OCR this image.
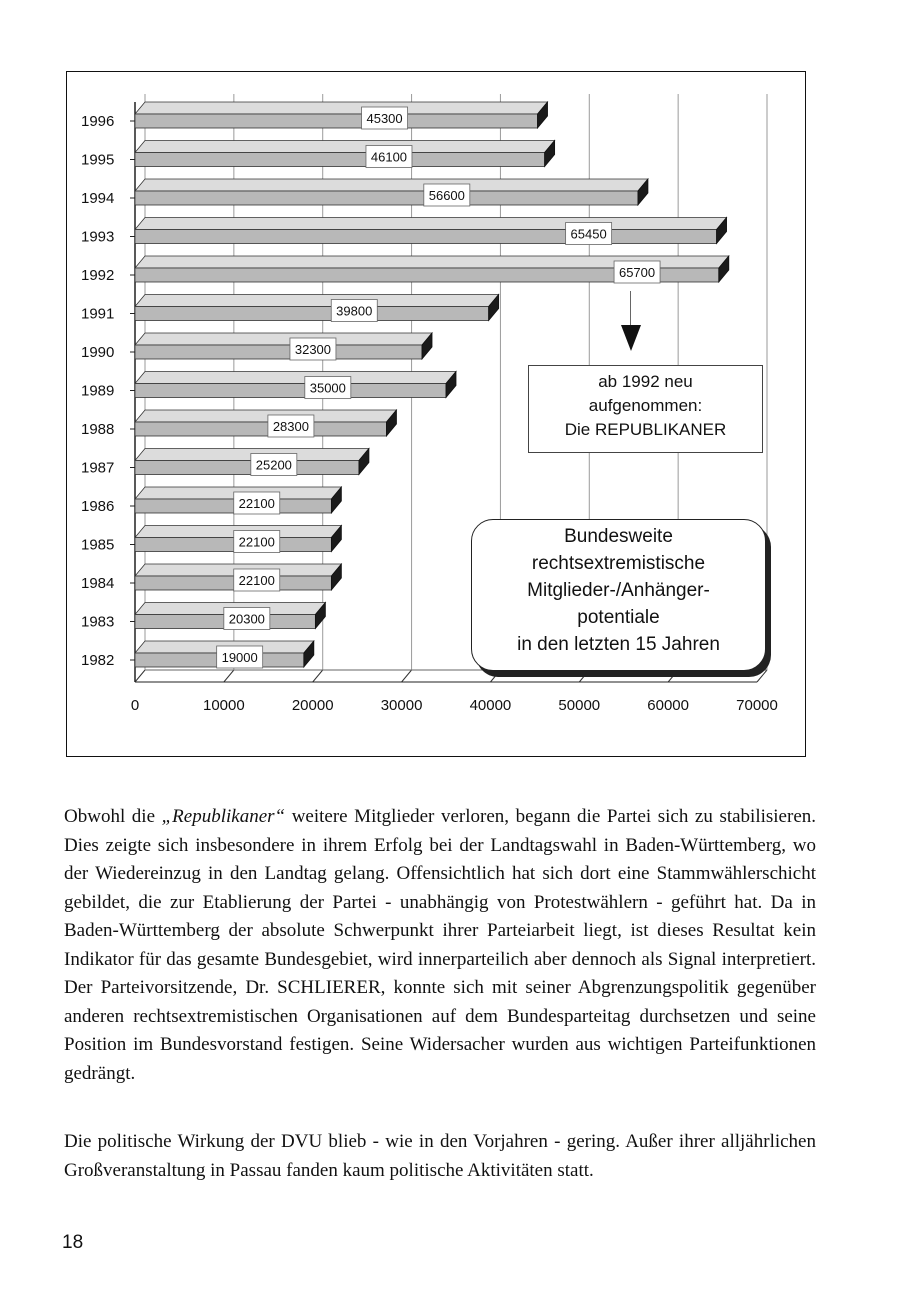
0	10000	20000	30000	40000	50000	60000	70000
1996	45300
1995	46100
1994	56600
1993	65450
1992	65700
1991	39800
1990	32300
1989	35000
1988	28300
1987	25200
1986	22100
1985	22100
1984	22100
1983	20300
1982	19000
ab 1992 neu
aufgenommen:
Die REPUBLIKANER
Bundesweite
rechtsextremistische
Mitglieder-/Anhänger-
potentiale
in den letzten 15 Jahren
Obwohl die „Republikaner“ weitere Mitglieder verloren, begann die Partei sich zu stabilisieren. Dies zeigte sich insbesondere in ihrem Erfolg bei der Landtagswahl in Baden-Württemberg, wo der Wiedereinzug in den Landtag gelang. Offensichtlich hat sich dort eine Stammwählerschicht gebildet, die zur Etablierung der Partei - unabhängig von Protestwählern - geführt hat. Da in Baden-Württemberg der absolute Schwerpunkt ihrer Parteiarbeit liegt, ist dieses Resultat kein Indikator für das gesamte Bundesgebiet, wird innerparteilich aber dennoch als Signal interpretiert. Der Parteivorsitzende, Dr. SCHLIERER, konnte sich mit seiner Abgrenzungspolitik gegenüber anderen rechtsextremistischen Organisationen auf dem Bundesparteitag durchsetzen und seine Position im Bundesvorstand festigen. Seine Widersacher wurden aus wichtigen Parteifunktionen gedrängt.
Die politische Wirkung der DVU blieb - wie in den Vorjahren - gering. Außer ihrer alljährlichen Großveranstaltung in Passau fanden kaum politische Aktivitäten statt.
18
